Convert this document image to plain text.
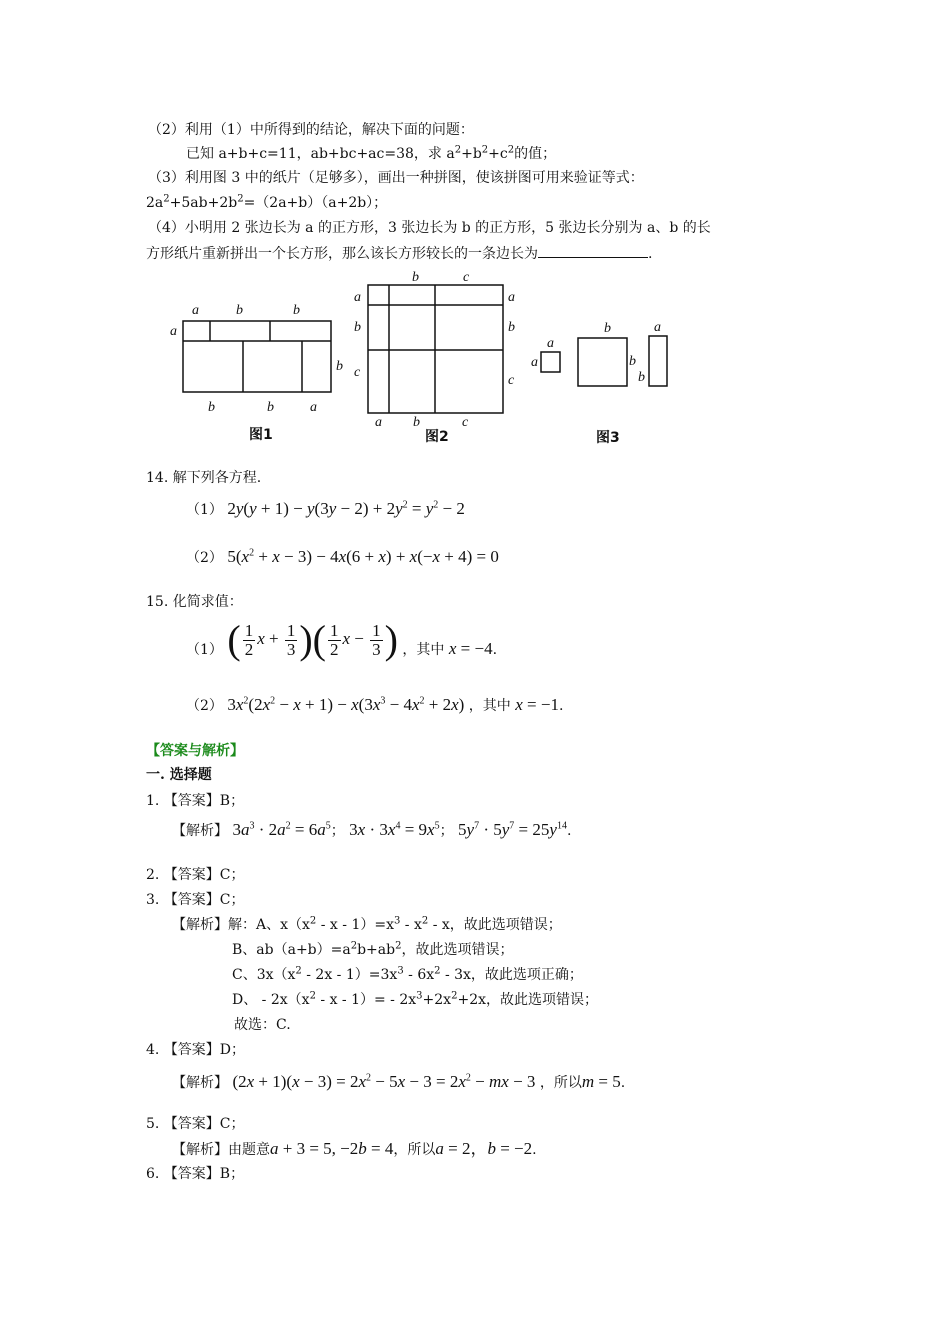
（2）利用（1）中所得到的结论，解决下面的问题：
已知 a+b+c=11，ab+bc+ac=38，求 $a^2+b^2+c^2$的值；
（3）利用图 3 中的纸片（足够多），画出一种拼图，使该拼图可用来验证等式：
$2a^2+5ab+2b^2=(2a+b)(a+2b)$；
（4）小明用 2 张边长为 a 的正方形，3 张边长为 b 的正方形，5 张边长分别为 a、b 的长
方形纸片重新拼出一个长方形，那么该长方形较长的一条边长为	.
a	b	b
a
b
b	b	a
图1
b	c
a
b
c
a
b
c
a b	c
图2
a
a
b
b
a
b
图3
14. 解下列各方程.
（1） $2y(y + 1) - y(3y - 2) + 2y^2 = y^2 - 2$
（2） $5(x^2 + x - 3) - 4x(6 + x) + x(-x + 4) = 0$
15. 化简求值：
（1） ( $\frac{1}{2}$ $x + \frac{1}{3}$ )( $\frac{1}{2}$ $x - \frac{1}{3}$ ) ，其中 x = −4.
（2） $3x^2(2x^2 - x + 1) - x(3x^3 - 4x^2 + 2x)$ ，其中 x = −1.
【答案与解析】
一. 选择题
1. 【答案】B；
【解析】 $3a^3 \cdot 2a^2 = 6a^5$； $3x \cdot 3x^4 = 9x^5$； $5y^7 \cdot 5y^7 = 25y^{14}$.
2. 【答案】C；
3. 【答案】C；
【解析】解：A、$x(x^2 - x - 1)=x^3 - x^2 - x$，故此选项错误；
B、$ab(a+b)=a^2b+ab^2$，故此选项错误；
C、$3x(x^2 - 2x - 1)=3x^3 - 6x^2 - 3x$，故此选项正确；
D、 - $2x(x^2 - x - 1)= - 2x^3+2x^2+2x$，故此选项错误；
故选：C.
4. 【答案】D；
【解析】 $(2x + 1)(x - 3) = 2x^2 - 5x - 3 = 2x^2$ − mx − 3 ，所以m = 5.
5. 【答案】C；
【解析】由题意a + 3 = 5, −2b = 4，所以a = 2，b = −2.
6. 【答案】B；
